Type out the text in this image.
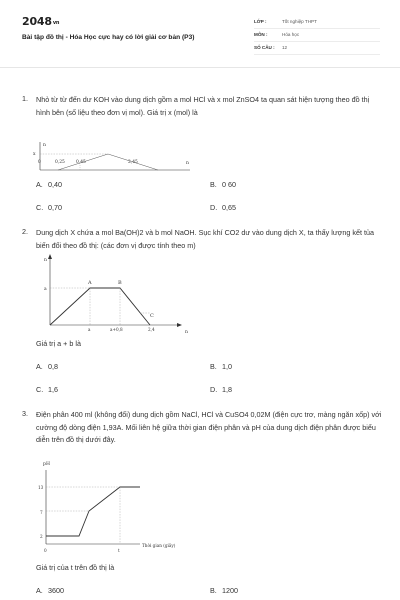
2048vn
Bài tập đồ thị - Hóa Học cực hay có lời giải cơ bản (P3)
LỚP :	Tốt nghiệp THPT
MÔN :	Hóa học
SỐ CÂU :	12
1. Nhỏ từ từ đến dư KOH vào dung dịch gồm a mol HCl và x mol ZnSO4 ta quan sát hiện tượng theo đồ thị hình bên (số liệu theo đơn vị mol). Giá trị x (mol) là
n
x
n
0	0,25	0,45	2,45
A. 0,40	B. 0 60
C. 0,70	D. 0,65
2. Dung dịch X chứa a mol Ba(OH)2 và b mol NaOH. Sục khí CO2 dư vào dung dịch X, ta thấy lượng kết tủa biến đổi theo đồ thị: (các đơn vị được tính theo m)
n
a
A	B
C
a	a+0,8	2,4
n
Giá trị a + b là
A. 0,8	B. 1,0
C. 1,6	D. 1,8
3. Điện phân 400 ml (không đổi) dung dịch gồm NaCl, HCl và CuSO4 0,02M (điện cực trơ, màng ngăn xốp) với cường độ dòng điện 1,93A. Mối liên hệ giữa thời gian điện phân và pH của dung dịch điện phân được biểu diễn trên đồ thị dưới đây.
pH
13
7
2
0	t
Thời gian (giây)
Giá trị của t trên đồ thị là
A. 3600	B. 1200
